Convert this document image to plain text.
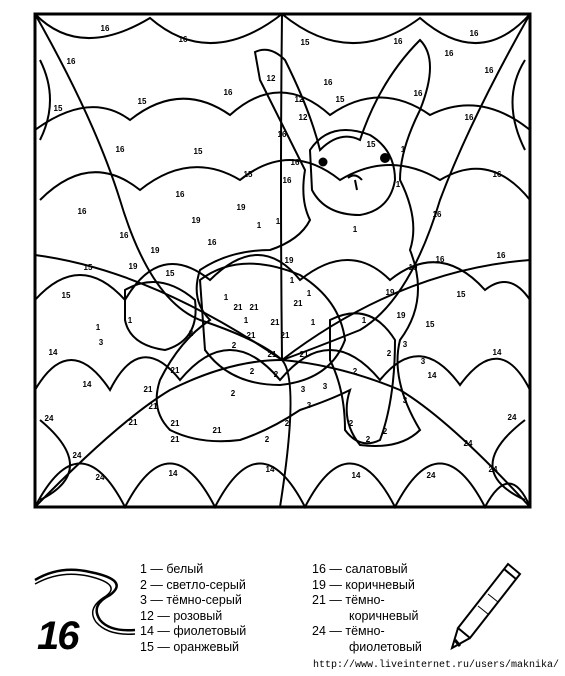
16
16	15	16
16
16
16
16
12	16
15
16
12	15
16
15
16
12
16
15
16
15
16
16
16
15
1
16
1
19
16	16
19
1 1
16
16
1
19
19
15
16
16
19
19
15
1
15	15
1
1
19
21 21	21
1	21	1	1
1
19
15
2	21	21
1
3	3
2
14	21
21	14
2
3
21	2 2	2	14
14
21	3 3
2
21	3
3
24	24
21
21
2	2
21
2
21	2	2	24
24
24	14	14
14	24
24
16
1 — белый
2 — светло-серый
3 — тёмно-серый
12 — розовый
14 — фиолетовый
15 — оранжевый
16 — салатовый
19 — коричневый
21 — тёмно-
коричневый
24 — тёмно-
фиолетовый
http://www.liveinternet.ru/users/maknika/
